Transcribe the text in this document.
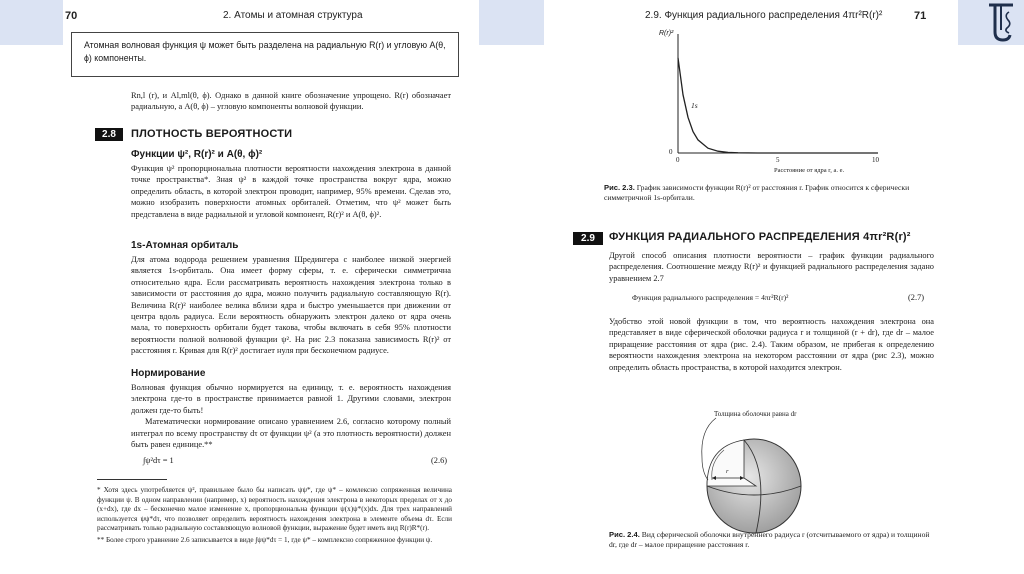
70	2. Атомы и атомная структура
Атомная волновая функция ψ может быть разделена на радиальную R(r) и угловую A(θ, ϕ) компоненты.

Rn,l (r), и Al,ml(θ, ϕ). Однако в данной книге обозначение упрощено. R(r) обозначает радиальную, а A(θ, ϕ) – угловую компоненты волновой функции.

2.8	ПЛОТНОСТЬ ВЕРОЯТНОСТИ
Функции ψ², R(r)² и A(θ, ϕ)²

Функция ψ² пропорциональна плотности вероятности нахождения электрона в данной точке пространства*. Зная ψ² в каждой точке пространства вокруг ядра, можно определить область, в которой электрон проводит, например, 95% времени. Сделав это, можно изобразить поверхности атомных орбиталей. Отметим, что ψ² может быть представлена в виде радиальной и угловой компонент, R(r)² и A(θ, ϕ)².

1s-Атомная орбиталь

Для атома водорода решением уравнения Шредингера с наиболее низкой энергией является 1s-орбиталь. Она имеет форму сферы, т. е. сферически симметрична относительно ядра. Если рассматривать вероятность нахождения электрона только в зависимости от расстояния до ядра, можно получить радиальную составляющую R(r). Величина R(r)² наиболее велика вблизи ядра и быстро уменьшается при движении от центра вдоль радиуса. Если вероятность обнаружить электрон далеко от ядра очень мала, то поверхность орбитали будет такова, чтобы включать в себя 95% плотности вероятности полной волновой функции ψ². На рис 2.3 показана зависимость R(r)² от расстояния r. Кривая для R(r)² достигает нуля при бесконечном радиусе.

Нормирование

Волновая функция обычно нормируется на единицу, т. е. вероятность нахождения электрона где-то в пространстве принимается равной 1. Другими словами, электрон должен где-то быть!

Математически нормирование описано уравнением 2.6, согласно которому полный интеграл по всему пространству dτ от функции ψ² (а это плотность вероятности) должен быть равен единице.**

∫ψ²dτ = 1	(2.6)
* Хотя здесь употребляется ψ², правильнее было бы написать ψψ*, где ψ* – комлексно сопряженная величина функции ψ. В одном направлении (например, x) вероятность нахождения электрона в некоторых пределах от x до (x+dx), где dx – бесконечно малое изменение x, пропорциональна функции ψ(x)ψ*(x)dx. Для трех направлений используется ψψ*dτ, что позволяет определить вероятность нахождения электрона в элементе объема dτ. Если рассматривать только радиальную составляющую волновой функции, выражение будет иметь вид R(r)R*(r).
** Более строго уравнение 2.6 записывается в виде ∫ψψ*dτ = 1, где ψ* – комплексно сопряженное функции ψ.
2.9. Функция радиального распределения 4πr²R(r)²	71
R(r)²
1s
0
0	5	10
Расстояние от ядра r, а. е.
Рис. 2.3. График зависимости функции R(r)² от расстояния r. График относится к сферически симметричной 1s-орбитали.
2.9	ФУНКЦИЯ РАДИАЛЬНОГО РАСПРЕДЕЛЕНИЯ 4πr²R(r)²

Другой способ описания плотности вероятности – график функции радиального распределения. Соотношение между R(r)² и функцией радиального распределения задано уравнением 2.7

Функция радиального распределения = 4πr²R(r)²	(2.7)

Удобство этой новой функции в том, что вероятность нахождения электрона она представляет в виде сферической оболочки радиуса r и толщиной (r + dr), где dr – малое приращение расстояния от ядра (рис. 2.4). Таким образом, не прибегая к определению вероятности нахождения электрона на некотором расстоянии от ядра (рис 2.3), можно определить область пространства, в которой находится электрон.

Толщина оболочки равна dr
r
Рис. 2.4. Вид сферической оболочки внутреннего радиуса r (отсчитываемого от ядра) и толщиной dr, где dr – малое приращение расстояния r.
